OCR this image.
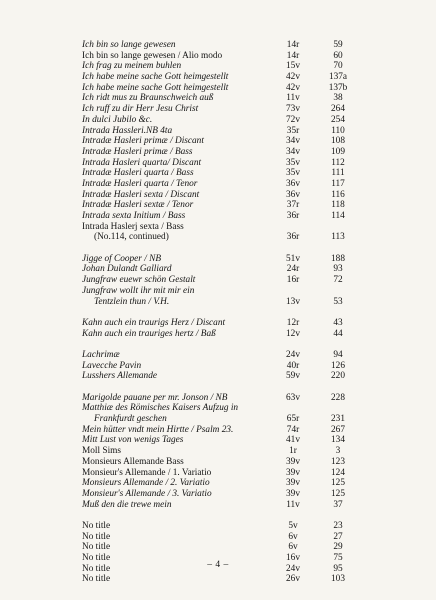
Ich bin so lange gewesen	14r	59
Ich bin so lange gewesen / Alio modo	14r	60
Ich frag zu meinem buhlen	15v	70
Ich habe meine sache Gott heimgestellt	42v	137a
Ich habe meine sache Gott heimgestellt	42v	137b
Ich ridt mus zu Braunschweich auß	11v	38
Ich ruff zu dir Herr Jesu Christ	73v	264
In dulci Jubilo &c.	72v	254
Intrada Hassleri.NB 4ta	35r	110
Intradæ Hasleri primæ / Discant	34v	108
Intradæ Hasleri primæ / Bass	34v	109
Intrada Hasleri quarta/ Discant	35v	112
Intradæ Hasleri quarta / Bass	35v	111
Intradæ Hasleri quarta / Tenor	36v	117
Intradæ Hasleri sexta / Discant	36v	116
Intradæ Hasleri sextæ / Tenor	37r	118
Intrada sexta Initium / Bass	36r	114
Intrada Haslerj sexta / Bass
(No.114, continued)	36r	113
Jigge of Cooper / NB	51v	188
Johan Dulandt Galliard	24r	93
Jungfraw euewr schön Gestalt	16r	72
Jungfraw wollt ihr mit mir ein
Tentzlein thun / V.H.	13v	53
Kahn auch ein traurigs Herz / Discant	12r	43
Kahn auch ein trauriges hertz / Baß	12v	44
Lachrimæ	24v	94
Lavecche Pavin	40r	126
Lusshers Allemande	59v	220
Marigolde pauane per mr. Jonson / NB	63v	228
Matthiæ des Römisches Kaisers Aufzug in
Frankfurdt geschen	65r	231
Mein hütter vndt mein Hirtte / Psalm 23.	74r	267
Mitt Lust von wenigs Tages	41v	134
Moll Sims	1r	3
Monsieurs Allemande Bass	39v	123
Monsieur's Allemande / 1. Variatio	39v	124
Monsieurs Allemande / 2. Variatio	39v	125
Monsieur's Allemande / 3. Variatio	39v	125
Muß den die trewe mein	11v	37
No title	5v	23
No title	6v	27
No title	6v	29
No title	16v	75
No title	24v	95
No title	26v	103
– 4 –
